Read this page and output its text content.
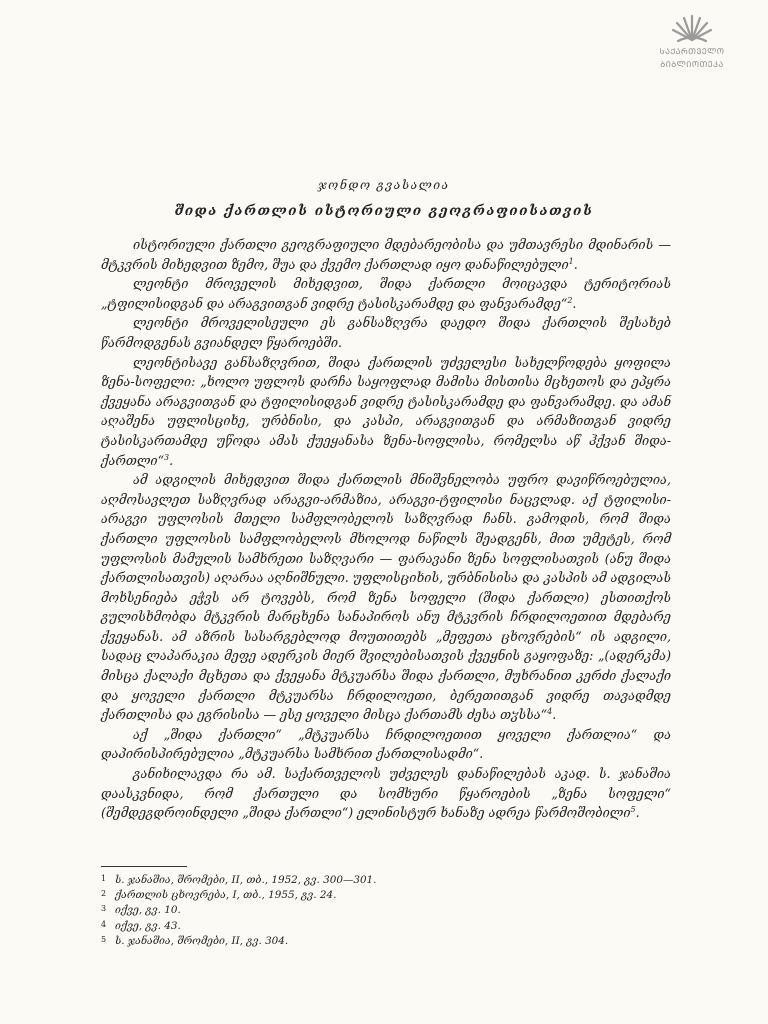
ᲡᲐᲥᲐᲠᲗᲕᲔᲚᲝ
ᲑᲘᲑᲚᲘᲝᲗᲔᲙᲐ
ჯონდო გვასალია
შიდა ქართლის ისტორიული გეოგრაფიისათვის

ისტორიული ქართლი გეოგრაფიული მდებარეობისა და უმთავრესი მდინარის — მტკვრის მიხედვით ზემო, შუა და ქვემო ქართლად იყო დანაწილებული$^1$.

ლეონტი მროველის მიხედვით, შიდა ქართლი მოიცავდა ტერიტორიას „ტფილისიდგან და არაგვითგან ვიდრე ტასისკარამდე და ფანვარამდე“$^2$.

ლეონტი მროველისეული ეს განსაზღვრა დაედო შიდა ქართლის შესახებ წარმოდგენას გვიანდელ წყაროებში.

ლეონტისავე განსაზღვრით, შიდა ქართლის უძველესი სახელწოდება ყოფილა ზენა-სოფელი: „ხოლო უფლოს დარჩა საყოფლად მამისა მისთისა მცხეთოს და ეპყრა ქვეყანა არაგვითგან და ტფილისიდგან ვიდრე ტასისკარამდე და ფანვარამდე. და ამან აღაშენა უფლისციხე, ურბნისი, და კასპი, არაგვითგან და არმაზითგან ვიდრე ტასისკართამდე უწოდა ამას ქუეყანასა ზენა-სოფლისა, რომელსა აწ ჰქვან შიდა-ქართლი“$^3$.

ამ ადგილის მიხედვით შიდა ქართლის მნიშვნელობა უფრო დავიწროებულია, აღმოსავლეთ საზღვრად არაგვი-არმაზია, არაგვი-ტფილისი ნაცვლად. აქ ტფილისი-არაგვი უფლოსის მთელი სამფლობელოს საზღვრად ჩანს. გამოდის, რომ შიდა ქართლი უფლოსის სამფლობელოს მხოლოდ ნაწილს შეადგენს, მით უმეტეს, რომ უფლოსის მამულის სამხრეთი საზღვარი — ფარავანი ზენა სოფლისათვის (ანუ შიდა ქართლისათვის) აღარაა აღნიშნული. უფლისციხის, ურბნისისა და კასპის ამ ადგილას მოხსენიება ეჭვს არ ტოვებს, რომ ზენა სოფელი (შიდა ქართლი) ესთითქოს გულისხმობდა მტკვრის მარცხენა სანაპიროს ანუ მტკვრის ჩრდილოეთით მდებარე ქვეყანას. ამ აზრის სასარგებლოდ მოუთითებს „მეფეთა ცხოვრების“ ის ადგილი, სადაც ლაპარაკია მეფე ადერკის მიერ შვილებისათვის ქვეყნის გაყოფაზე: „(ადერკმა) მისცა ქალაქი მცხეთა და ქვეყანა მტკუარსა შიდა ქართლი, მუხრანით კერძი ქალაქი და ყოველი ქართლი მტკუარსა ჩრდილოეთი, ბერეთითგან ვიდრე თავადმდე ქართლისა და ეგრისისა — ესე ყოველი მისცა ქართამს ძესა თჳსსა“$^4$.

აქ „შიდა ქართლი“ „მტკუარსა ჩრდილოეთით ყოველი ქართლია“ და დაპირისპირებულია „მტკუარსა სამხრით ქართლისადმი“.

განიხილავდა რა ამ. საქართველოს უძველეს დანაწილებას აკად. ს. ჯანაშია დაასკვნიდა, რომ ქართული და სომხური წყაროების „ზენა სოფელი“ (შემდეგდროინდელი „შიდა ქართლი“) ელინისტურ ხანაზე ადრეა წარმოშობილი$^5$.

1 ს. ჯანაშია, შრომები, II, თბ., 1952, გვ. 300—301.
2 ქართლის ცხოვრება, I, თბ., 1955, გვ. 24.
3 იქვე, გვ. 10.
4 იქვე, გვ. 43.
5 ს. ჯანაშია, შრომები, II, გვ. 304.
